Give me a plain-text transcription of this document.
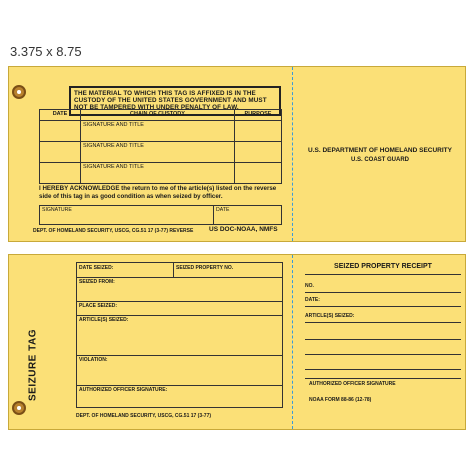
3.375 x 8.75
THE MATERIAL TO WHICH THIS TAG IS AFFIXED IS IN THE CUSTODY OF THE UNITED STATES GOVERNMENT AND MUST NOT BE TAMPERED WITH UNDER PENALTY OF LAW.
DATE	CHAIN OF CUSTODY	PURPOSE
	SIGNATURE AND TITLE	
	SIGNATURE AND TITLE	
	SIGNATURE AND TITLE	
I HEREBY ACKNOWLEDGE the return to me of the article(s) listed on the reverse side of this tag in as good condition as when seized by officer.
SIGNATURE	DATE
DEPT. OF HOMELAND SECURITY, USCG, CG.51 17 (3-77) REVERSE US DOC-NOAA, NMFS
U.S. DEPARTMENT OF HOMELAND SECURITY
U.S. COAST GUARD
SEIZURE TAG
DATE SEIZED:	SEIZED PROPERTY NO.
SEIZED FROM:
PLACE SEIZED:
ARTICLE(S) SEIZED:
VIOLATION:
AUTHORIZED OFFICER SIGNATURE:
DEPT. OF HOMELAND SECURITY, USCG, CG.51 17 (3-77)
SEIZED PROPERTY RECEIPT
NO.
DATE:
ARTICLE(S) SEIZED:
AUTHORIZED OFFICER SIGNATURE
NOAA FORM 88-86 (12-78)
